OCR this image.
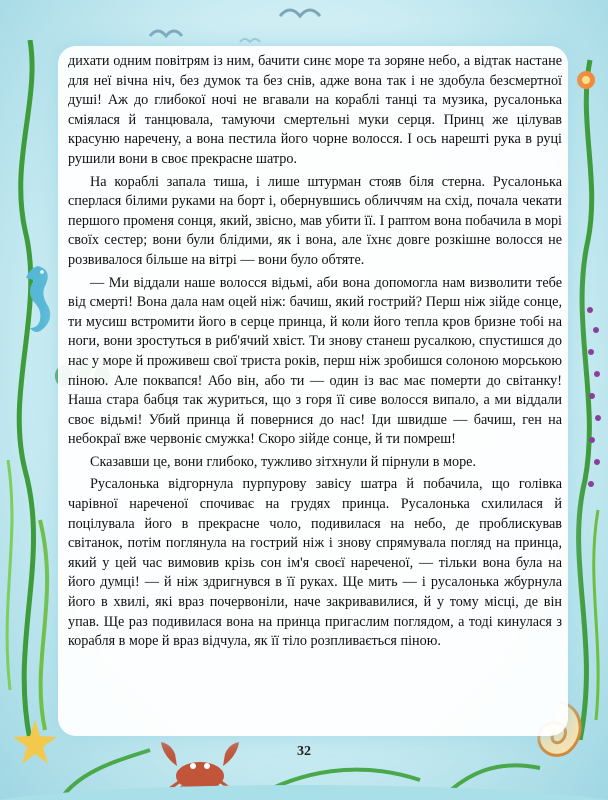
дихати одним повітрям із ним, бачити синє море та зоряне небо, а відтак настане для неї вічна ніч, без думок та без снів, адже вона так і не здобула безсмертної душі! Аж до глибокої ночі не вгавали на кораблі танці та музика, русалонька сміялася й танцювала, тамуючи смертельні муки серця. Принц же цілував красуню наречену, а вона пестила його чорне волосся. І ось нарешті рука в руці рушили вони в своє прекрасне шатро.

На кораблі запала тиша, і лише штурман стояв біля стерна. Русалонька сперлася білими руками на борт і, обернувшись обличчям на схід, почала чекати першого променя сонця, який, звісно, мав убити її. І раптом вона побачила в морі своїх сестер; вони були блідими, як і вона, але їхнє довге розкішне волосся не розвивалося більше на вітрі — вони було обтяте.

— Ми віддали наше волосся відьмі, аби вона допомогла нам визволити тебе від смерті! Вона дала нам оцей ніж: бачиш, який гострий? Перш ніж зійде сонце, ти мусиш встромити його в серце принца, й коли його тепла кров бризне тобі на ноги, вони зростуться в риб'ячий хвіст. Ти знову станеш русалкою, спустишся до нас у море й проживеш свої триста років, перш ніж зробишся солоною морською піною. Але поквапся! Або він, або ти — один із вас має померти до світанку! Наша стара бабця так журиться, що з горя її сиве волосся випало, а ми віддали своє відьмі! Убий принца й повернися до нас! Іди швидше — бачиш, ген на небокраї вже червоніє смужка! Скоро зійде сонце, й ти помреш!

Сказавши це, вони глибоко, тужливо зітхнули й пірнули в море.

Русалонька відгорнула пурпурову завісу шатра й побачила, що голівка чарівної нареченої спочиває на грудях принца. Русалонька схилилася й поцілувала його в прекрасне чоло, подивилася на небо, де проблискував світанок, потім поглянула на гострий ніж і знову спрямувала погляд на принца, який у цей час вимовив крізь сон ім'я своєї нареченої, — тільки вона була на його думці! — й ніж здригнувся в її руках. Ще мить — і русалонька жбурнула його в хвилі, які враз почервоніли, наче закривавилися, й у тому місці, де він упав. Ще раз подивилася вона на принца пригаслим поглядом, а тоді кинулася з корабля в море й враз відчула, як її тіло розпливається піною.

32
